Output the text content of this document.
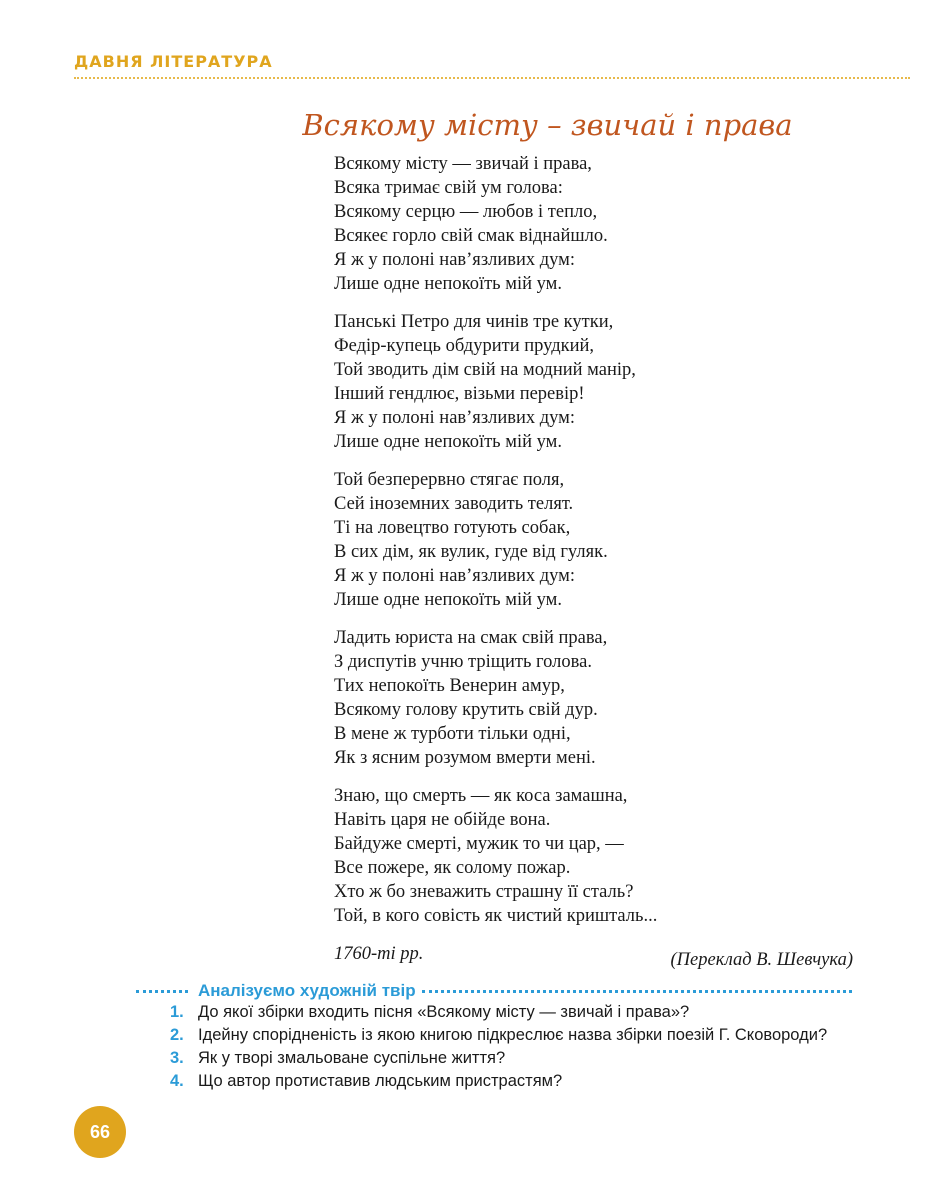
ДАВНЯ ЛІТЕРАТУРА
Всякому місту – звичай і права
Всякому місту — звичай і права,
Всяка тримає свій ум голова:
Всякому серцю — любов і тепло,
Всякеє горло свій смак віднайшло.
Я ж у полоні нав’язливих дум:
Лише одне непокоїть мій ум.
Панські Петро для чинів тре кутки,
Федір-купець обдурити прудкий,
Той зводить дім свій на модний манір,
Інший гендлює, візьми перевір!
Я ж у полоні нав’язливих дум:
Лише одне непокоїть мій ум.
Той безперервно стягає поля,
Сей іноземних заводить телят.
Ті на ловецтво готують собак,
В сих дім, як вулик, гуде від гуляк.
Я ж у полоні нав’язливих дум:
Лише одне непокоїть мій ум.
Ладить юриста на смак свій права,
З диспутів учню тріщить голова.
Тих непокоїть Венерин амур,
Всякому голову крутить свій дур.
В мене ж турботи тільки одні,
Як з ясним розумом вмерти мені.
Знаю, що смерть — як коса замашна,
Навіть царя не обійде вона.
Байдуже смерті, мужик то чи цар, —
Все пожере, як солому пожар.
Хто ж бо зневажить страшну її сталь?
Той, в кого совість як чистий кришталь...
1760-ті рр.	(Переклад В. Шевчука)
Аналізуємо художній твір
1. До якої збірки входить пісня «Всякому місту — звичай і права»?
2. Ідейну спорідненість із якою книгою підкреслює назва збірки поезій Г. Сковороди?
3. Як у творі змальоване суспільне життя?
4. Що автор протиставив людським пристрастям?
66
